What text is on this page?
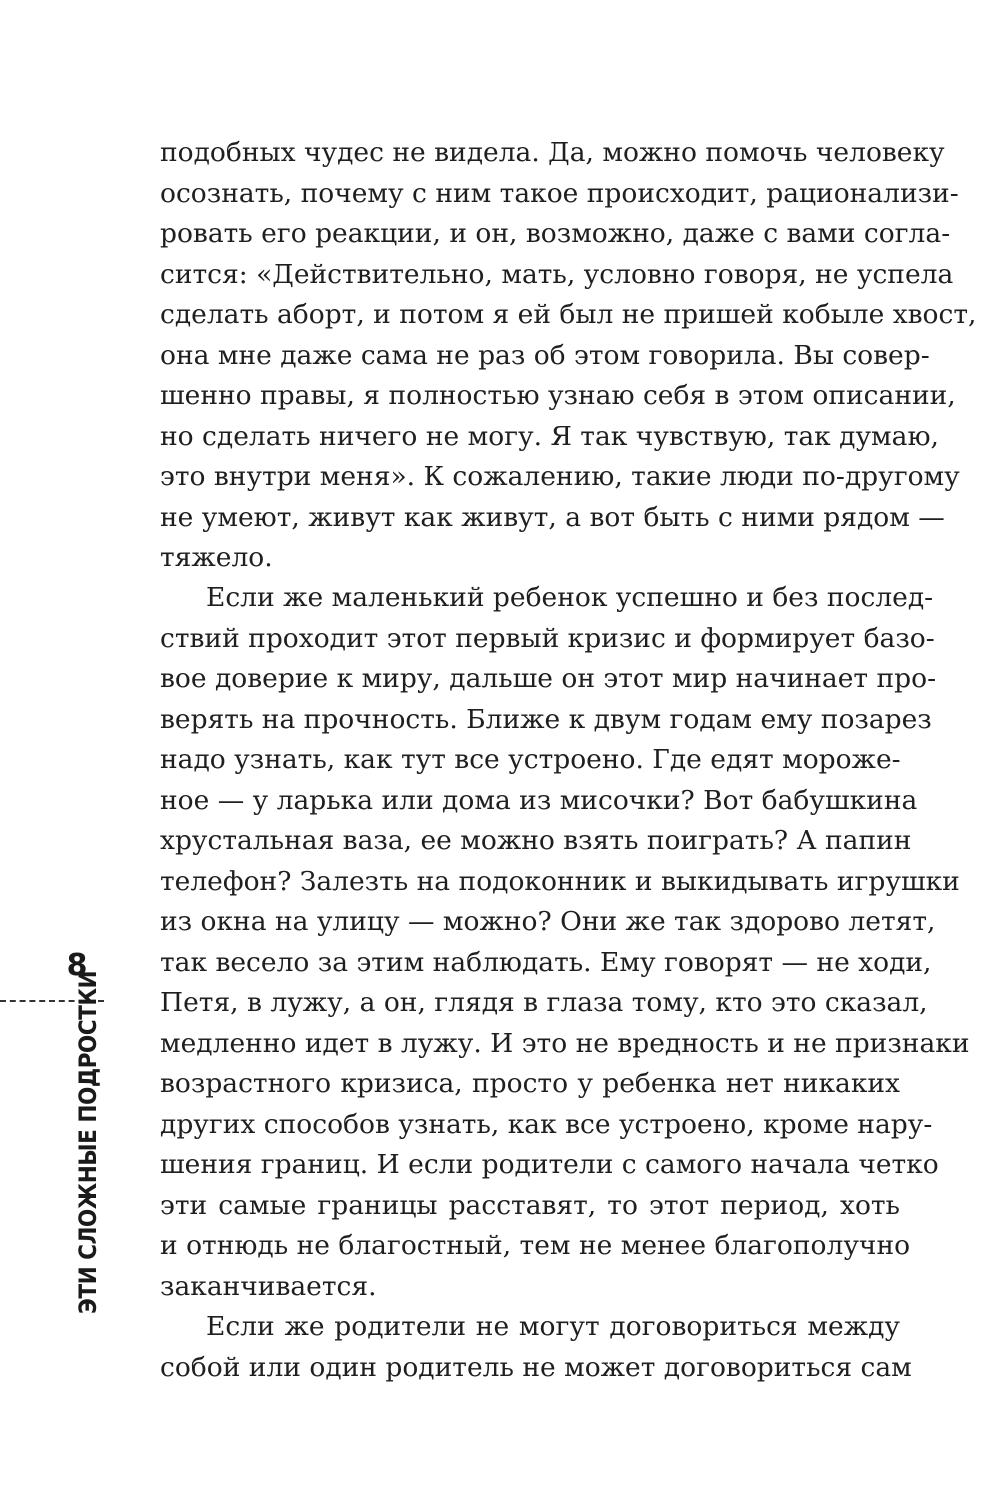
подобных чудес не видела. Да, можно помочь человеку
осознать, почему с ним такое происходит, рационализи-
ровать его реакции, и он, возможно, даже с вами согла-
сится: «Действительно, мать, условно говоря, не успела
сделать аборт, и потом я ей был не пришей кобыле хвост,
она мне даже сама не раз об этом говорила. Вы совер-
шенно правы, я полностью узнаю себя в этом описании,
но сделать ничего не могу. Я так чувствую, так думаю,
это внутри меня». К сожалению, такие люди по-другому
не умеют, живут как живут, а вот быть с ними рядом —
тяжело.
Если же маленький ребенок успешно и без послед-
ствий проходит этот первый кризис и формирует базо-
вое доверие к миру, дальше он этот мир начинает про-
верять на прочность. Ближе к двум годам ему позарез
надо узнать, как тут все устроено. Где едят мороже-
ное — у ларька или дома из мисочки? Вот бабушкина
хрустальная ваза, ее можно взять поиграть? А папин
телефон? Залезть на подоконник и выкидывать игрушки
из окна на улицу — можно? Они же так здорово летят,
так весело за этим наблюдать. Ему говорят — не ходи,
Петя, в лужу, а он, глядя в глаза тому, кто это сказал,
медленно идет в лужу. И это не вредность и не признаки
возрастного кризиса, просто у ребенка нет никаких
других способов узнать, как все устроено, кроме нару-
шения границ. И если родители с самого начала четко
эти самые границы расставят, то этот период, хоть
и отнюдь не благостный, тем не менее благополучно
заканчивается.
Если же родители не могут договориться между
собой или один родитель не может договориться сам
8
ЭТИ СЛОЖНЫЕ ПОДРОСТКИ
